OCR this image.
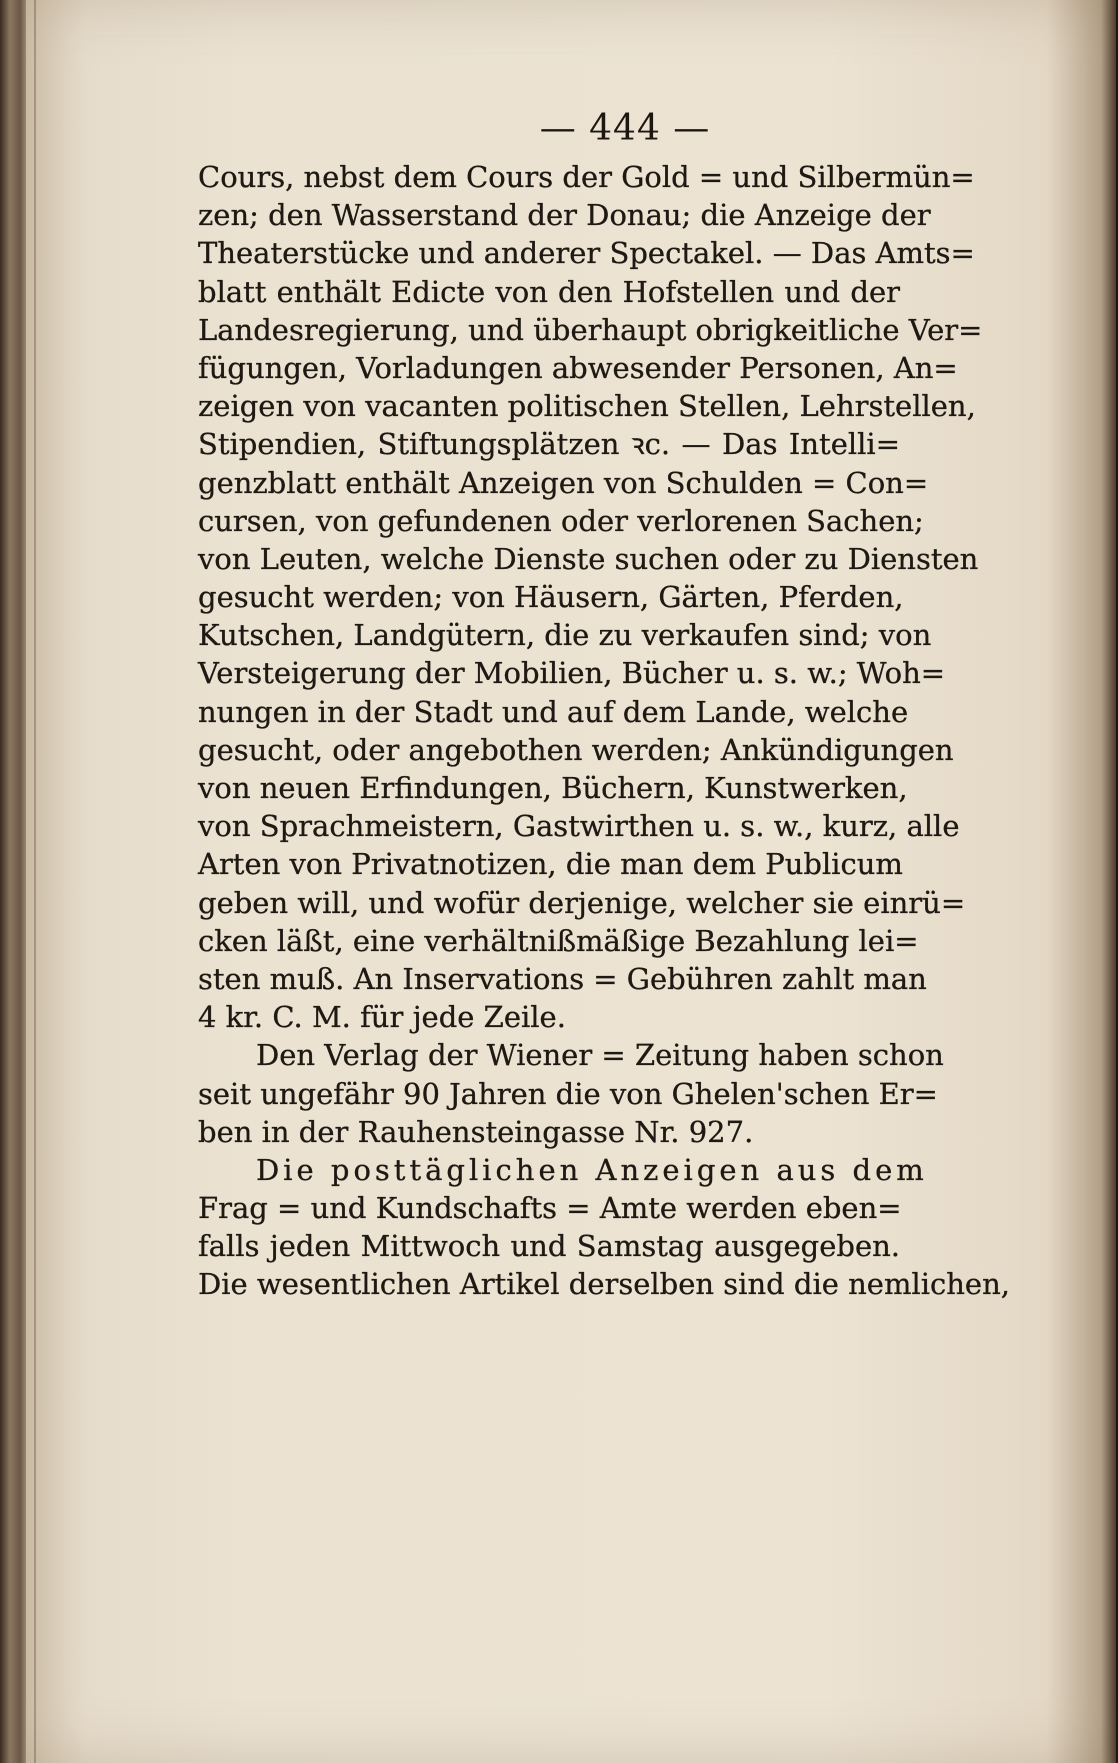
— 444 —
Cours, nebst dem Cours der Gold = und Silbermün=
zen; den Wasserstand der Donau; die Anzeige der
Theaterstücke und anderer Spectakel. — Das Amts=
blatt enthält Edicte von den Hofstellen und der
Landesregierung, und überhaupt obrigkeitliche Ver=
fügungen, Vorladungen abwesender Personen, An=
zeigen von vacanten politischen Stellen, Lehrstellen,
Stipendien, Stiftungsplätzen ꝛc. — Das Intelli=
genzblatt enthält Anzeigen von Schulden = Con=
cursen, von gefundenen oder verlorenen Sachen;
von Leuten, welche Dienste suchen oder zu Diensten
gesucht werden; von Häusern, Gärten, Pferden,
Kutschen, Landgütern, die zu verkaufen sind; von
Versteigerung der Mobilien, Bücher u. s. w.; Woh=
nungen in der Stadt und auf dem Lande, welche
gesucht, oder angebothen werden; Ankündigungen
von neuen Erfindungen, Büchern, Kunstwerken,
von Sprachmeistern, Gastwirthen u. s. w., kurz, alle
Arten von Privatnotizen, die man dem Publicum
geben will, und wofür derjenige, welcher sie einrü=
cken läßt, eine verhältnißmäßige Bezahlung lei=
sten muß. An Inservations = Gebühren zahlt man
4 kr. C. M. für jede Zeile.
Den Verlag der Wiener = Zeitung haben schon
seit ungefähr 90 Jahren die von Ghelen'schen Er=
ben in der Rauhensteingasse Nr. 927.
Die posttäglichen Anzeigen aus dem
Frag = und Kundschafts = Amte werden eben=
falls jeden Mittwoch und Samstag ausgegeben.
Die wesentlichen Artikel derselben sind die nemlichen,
